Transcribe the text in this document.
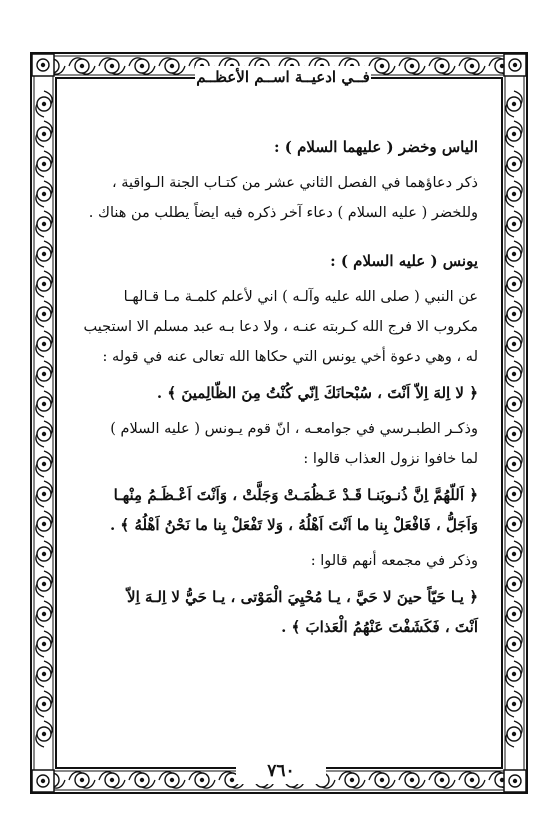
فــي ادعيــة اســم الأعظــم
الياس وخضر ( عليهما السلام ) :
ذكر دعاؤهما في الفصل الثاني عشر من كتـاب الجنة الـواقية ،
وللخضر ( عليه السلام ) دعاء آخر ذكره فيه ايضاً يطلب من هناك .
يونس ( عليه السلام ) :
عن النبي ( صلى الله عليه وآلـه ) اني لأعلم كلمـة مـا قـالهـا
مكروب الا فرج الله كـربته عنـه ، ولا دعا بـه عبد مسلم الا استجيب
له ، وهي دعوة أخي يونس التي حكاها الله تعالى عنه في قوله :
﴿ لا اِلهَ اِلاّ اَنْتَ ، سُبْحانَكَ اِنّي كُنْتُ مِنَ الظّالِمينَ ﴾ .
وذكـر الطبـرسي في جوامعـه ، انّ قوم يـونس ( عليه السلام )
لما خافوا نزول العذاب قالوا :
﴿ اَللّهُمَّ اِنَّ ذُنـوبَنـا قَـدْ عَـظُمَـتْ وَجَلَّتْ ، وَاَنْتَ اَعْـظَـمُ مِنْهـا
وَاَجَلُّ ، فَافْعَلْ بِنا ما اَنْتَ اَهْلُهُ ، وَلا تَفْعَلْ بِنا ما نَحْنُ اَهْلُهُ ﴾ .
وذكر في مجمعه أنهم قالوا :
﴿ يـا حَيّاً حينَ لا حَيَّ ، يـا مُحْيِيَ الْمَوْتى ، يـا حَيُّ لا اِلـهَ اِلاّ
اَنْتَ ، فَكَشَفْتَ عَنْهُمُ الْعَذابَ ﴾ .
٧٦٠
